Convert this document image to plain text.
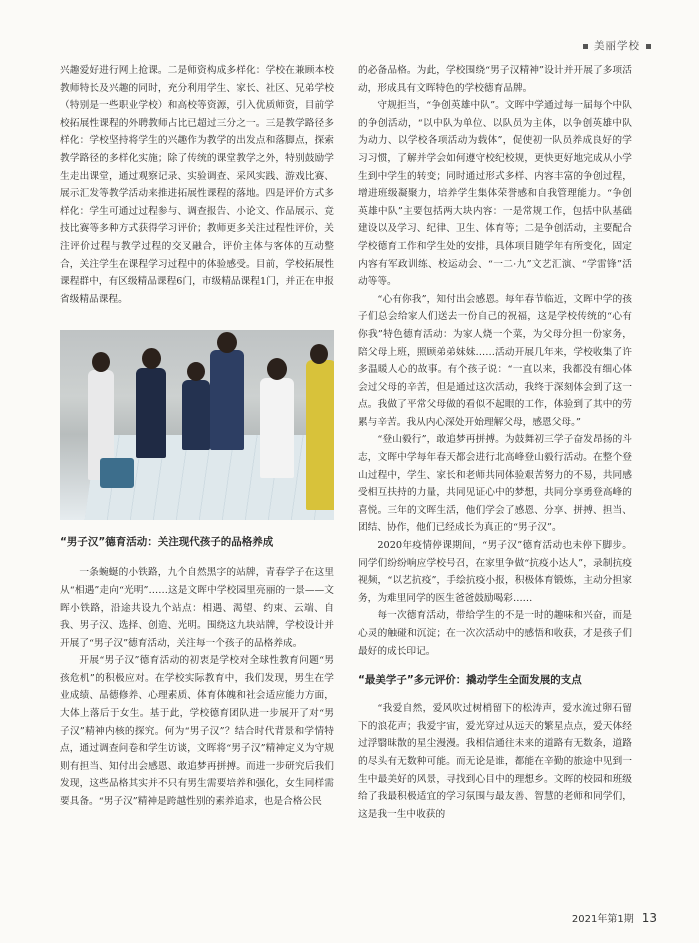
美丽学校

兴趣爱好进行网上抢课。二是师资构成多样化：学校在兼顾本校教师特长及兴趣的同时，充分利用学生、家长、社区、兄弟学校（特别是一些职业学校）和高校等资源，引入优质师资，目前学校拓展性课程的外聘教师占比已超过三分之一。三是教学路径多样化：学校坚持将学生的兴趣作为教学的出发点和落脚点，探索教学路径的多样化实施；除了传统的课堂教学之外，特别鼓励学生走出课堂，通过观察记录、实验调查、采风实践、游戏比赛、展示汇发等教学活动来推进拓展性课程的落地。四是评价方式多样化：学生可通过过程参与、调查报告、小论文、作品展示、竞技比赛等多种方式获得学习评价；教师更多关注过程性评价，关注评价过程与教学过程的交叉融合，评价主体与客体的互动整合，关注学生在课程学习过程中的体验感受。目前，学校拓展性课程群中，有区级精品课程6门，市级精品课程1门，并正在申报省级精品课程。

“男子汉”德育活动：关注现代孩子的品格养成

一条蜿蜒的小铁路，九个自然黑字的站牌，青春学子在这里从“相遇”走向“光明”……这是文晖中学校园里亮丽的一景——文晖小铁路，沿途共设九个站点：相遇、渴望、约束、云端、自我、男子汉、选择、创造、光明。围绕这九块站牌，学校设计并开展了“男子汉”德育活动，关注每一个孩子的品格养成。

开展“男子汉”德育活动的初衷是学校对全球性教育问题“男孩危机”的积极应对。在学校实际教育中，我们发现，男生在学业成绩、品德修养、心理素质、体育体魄和社会适应能力方面，大体上落后于女生。基于此，学校德育团队进一步展开了对“男子汉”精神内核的探究。何为“男子汉”？结合时代背景和学情特点，通过调查问卷和学生访谈，文晖将“男子汉”精神定义为守规则有担当、知付出会感恩、敢追梦再拼搏。而进一步研究后我们发现，这些品格其实并不只有男生需要培养和强化，女生同样需要具备。“男子汉”精神是跨越性别的素养追求，也是合格公民

的必备品格。为此，学校围绕“男子汉精神”设计并开展了多项活动，形成具有文晖特色的学校德育品牌。

守规拒当，“争创英雄中队”。文晖中学通过每一届每个中队的争创活动，“以中队为单位、以队员为主体，以争创英雄中队为动力、以学校各项活动为载体”，促使初一队员养成良好的学习习惯，了解并学会如何遵守校纪校规，更快更好地完成从小学生到中学生的转变；同时通过形式多样、内容丰富的争创过程，增进班级凝聚力，培养学生集体荣誉感和自我管理能力。“争创英雄中队”主要包括两大块内容：一是常规工作，包括中队基础建设以及学习、纪律、卫生、体育等；二是争创活动，主要配合学校德育工作和学生处的安排，具体项目随学年有所变化，固定内容有军政训练、校运动会、“一二·九”文艺汇演、“学雷锋”活动等等。

“心有你我”，知付出会感恩。每年春节临近，文晖中学的孩子们总会给家人们送去一份自己的祝福，这是学校传统的“心有你我”特色德育活动：为家人烧一个菜，为父母分担一份家务，陪父母上班，照顾弟弟妹妹……活动开展几年来，学校收集了许多温暖人心的故事。有个孩子说：“一直以来，我都没有细心体会过父母的辛苦，但是通过这次活动，我终于深刻体会到了这一点。我做了平常父母做的看似不起眼的工作，体验到了其中的劳累与辛苦。我从内心深处开始理解父母，感恩父母。”

“登山毅行”，敢追梦再拼搏。为鼓舞初三学子奋发昂扬的斗志，文晖中学每年春天都会进行北高峰登山毅行活动。在整个登山过程中，学生、家长和老师共同体验艰苦努力的不易，共同感受相互扶持的力量，共同见证心中的梦想，共同分享勇登高峰的喜悦。三年的文晖生活，他们学会了感恩、分享、拼搏、担当、团结、协作，他们已经成长为真正的“男子汉”。

2020年疫情停课期间，“男子汉”德育活动也未停下脚步。同学们纷纷响应学校号召，在家里争做“抗疫小达人”，录制抗疫视频，“以艺抗疫”，手绘抗疫小报，积极体育锻炼，主动分担家务，为难里同学的医生爸爸鼓励喝彩……

每一次德育活动，带给学生的不是一时的趣味和兴奋，而是心灵的触碰和沉淀；在一次次活动中的感悟和收获，才是孩子们最好的成长印记。

“最美学子”多元评价：撬动学生全面发展的支点

“我爱自然，爱风吹过树梢留下的松涛声，爱水流过卵石留下的浪花声；我爱宇宙，爱光穿过从远天的繁星点点，爱天体经过浮翳昧散的星尘漫漫。我相信通往未来的道路有无数条，道路的尽头有无数种可能。而无论是谁，都能在辛勤的旅途中见到一生中最美好的风景，寻找到心目中的理想乡。文晖的校园和班级给了我最积极适宜的学习氛围与最友善、智慧的老师和同学们，这是我一生中收获的

2021年第1期 13
